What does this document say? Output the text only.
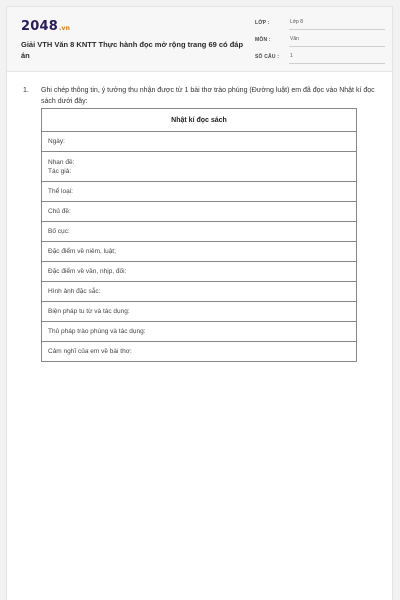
2048.vn
Giải VTH Văn 8 KNTT Thực hành đọc mở rộng trang 69 có đáp án
LỚP :	Lớp 8
MÔN :	Văn
SỐ CÂU : 1
1. Ghi chép thông tin, ý tưởng thu nhận được từ 1 bài thơ trào phúng (Đường luật) em đã đọc vào Nhật kí đọc sách dưới đây:
Nhật kí đọc sách

Ngày:

Nhan đề:
Tác giả:

Thể loại:

Chủ đề:

Bố cục:

Đặc điểm về niêm, luật;

Đặc điểm về vần, nhịp, đối:

Hình ảnh đặc sắc:

Biện pháp tu từ và tác dụng:

Thủ pháp trào phúng và tác dụng:

Cảm nghĩ của em về bài thơ:
